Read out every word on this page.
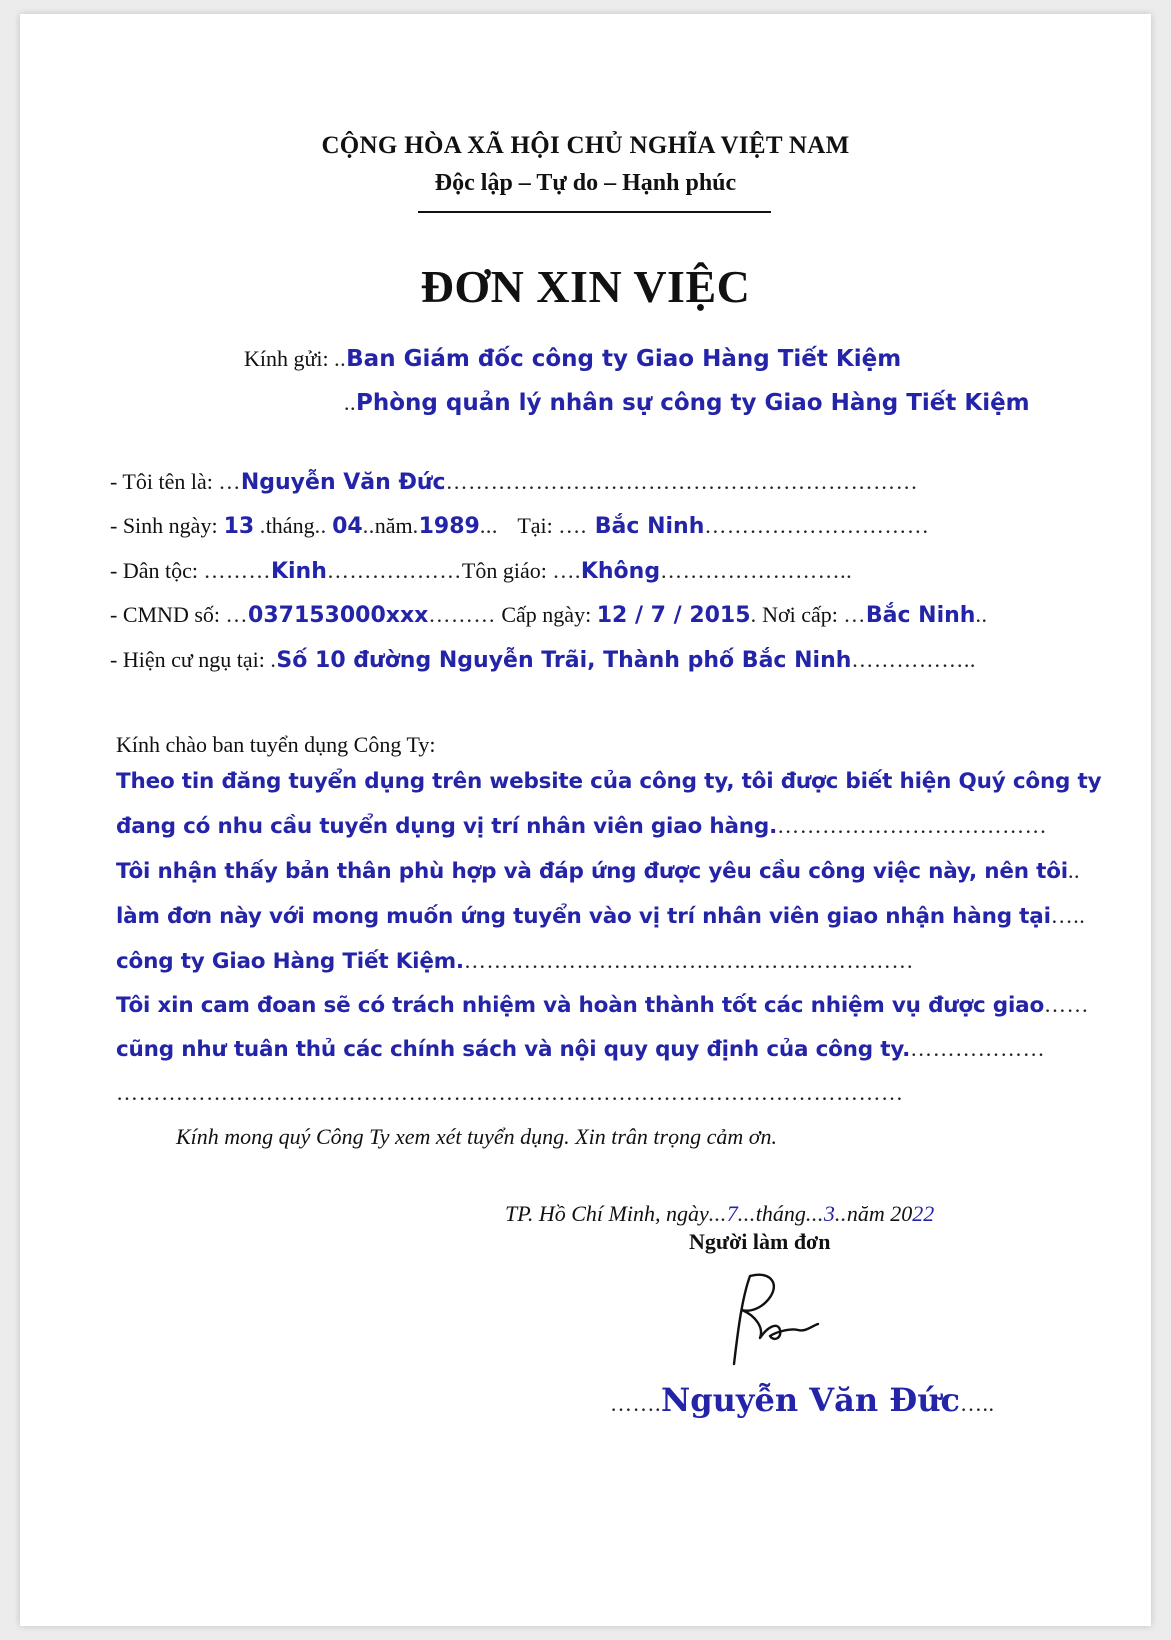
CỘNG HÒA XÃ HỘI CHỦ NGHĨA VIỆT NAM
Độc lập – Tự do – Hạnh phúc
ĐƠN XIN VIỆC
Kính gửi: ..Ban Giám đốc công ty Giao Hàng Tiết Kiệm
..Phòng quản lý nhân sự công ty Giao Hàng Tiết Kiệm
- Tôi tên là: …Nguyễn Văn Đức………………………………………………………
- Sinh ngày: 13 .tháng.. 04..năm.1989... Tại: …. Bắc Ninh…………………………
- Dân tộc: ………Kinh………………Tôn giáo: ….Không……………………..
- CMND số: …037153000xxx……… Cấp ngày: 12 / 7 / 2015. Nơi cấp: …Bắc Ninh..
- Hiện cư ngụ tại: .Số 10 đường Nguyễn Trãi, Thành phố Bắc Ninh……………..
Kính chào ban tuyển dụng Công Ty:
Theo tin đăng tuyển dụng trên website của công ty, tôi được biết hiện Quý công ty
đang có nhu cầu tuyển dụng vị trí nhân viên giao hàng.………………………………
Tôi nhận thấy bản thân phù hợp và đáp ứng được yêu cầu công việc này, nên tôi..
làm đơn này với mong muốn ứng tuyển vào vị trí nhân viên giao nhận hàng tại…..
công ty Giao Hàng Tiết Kiệm.……………………………………………………
Tôi xin cam đoan sẽ có trách nhiệm và hoàn thành tốt các nhiệm vụ được giao……
cũng như tuân thủ các chính sách và nội quy quy định của công ty.………………
……………………………………………………………………………………………
Kính mong quý Công Ty xem xét tuyển dụng. Xin trân trọng cảm ơn.
TP. Hồ Chí Minh, ngày...7...tháng...3..năm 2022
Người làm đơn
…….Nguyễn Văn Đức…..
